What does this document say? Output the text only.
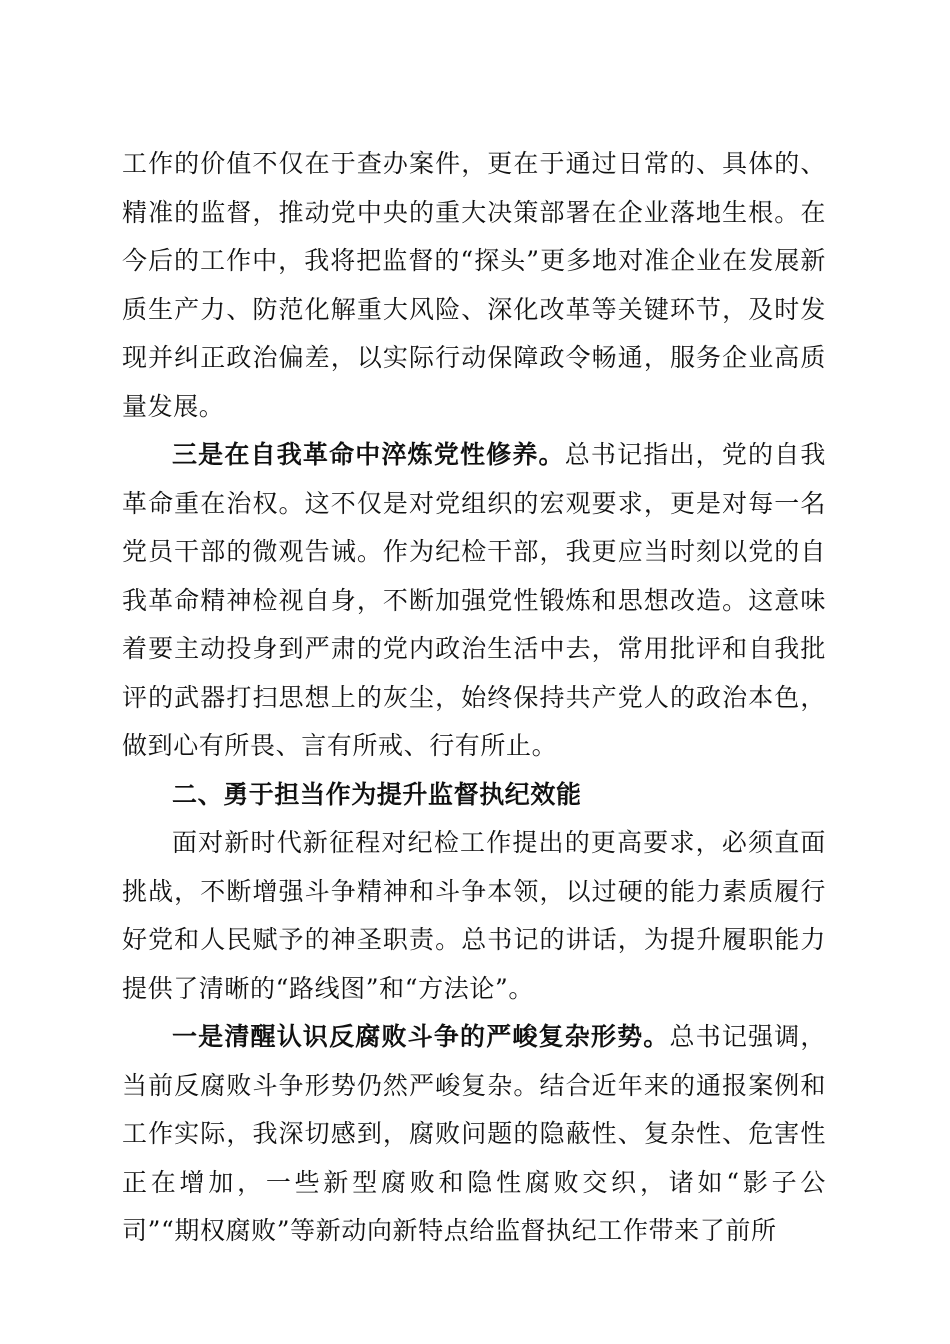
工作的价值不仅在于查办案件，更在于通过日常的、具体的、精准的监督，推动党中央的重大决策部署在企业落地生根。在今后的工作中，我将把监督的“探头”更多地对准企业在发展新质生产力、防范化解重大风险、深化改革等关键环节，及时发现并纠正政治偏差，以实际行动保障政令畅通，服务企业高质量发展。

三是在自我革命中淬炼党性修养。总书记指出，党的自我革命重在治权。这不仅是对党组织的宏观要求，更是对每一名党员干部的微观告诫。作为纪检干部，我更应当时刻以党的自我革命精神检视自身，不断加强党性锻炼和思想改造。这意味着要主动投身到严肃的党内政治生活中去，常用批评和自我批评的武器打扫思想上的灰尘，始终保持共产党人的政治本色，做到心有所畏、言有所戒、行有所止。

二、勇于担当作为提升监督执纪效能

面对新时代新征程对纪检工作提出的更高要求，必须直面挑战，不断增强斗争精神和斗争本领，以过硬的能力素质履行好党和人民赋予的神圣职责。总书记的讲话，为提升履职能力提供了清晰的“路线图”和“方法论”。

一是清醒认识反腐败斗争的严峻复杂形势。总书记强调，当前反腐败斗争形势仍然严峻复杂。结合近年来的通报案例和工作实际，我深切感到，腐败问题的隐蔽性、复杂性、危害性正在增加，一些新型腐败和隐性腐败交织，诸如“影子公司”“期权腐败”等新动向新特点给监督执纪工作带来了前所
